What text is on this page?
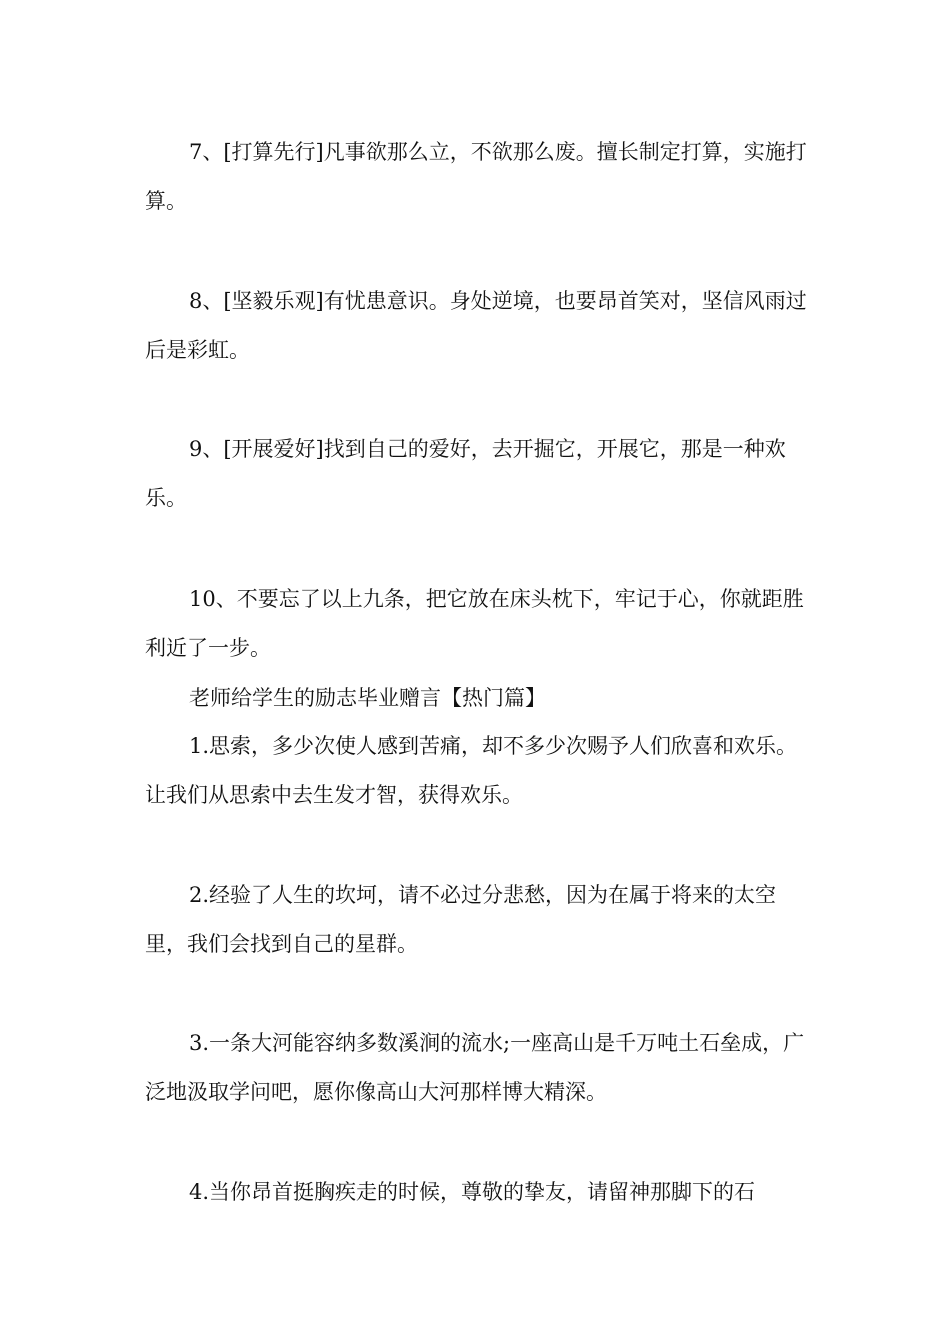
7、[打算先行]凡事欲那么立，不欲那么废。擅长制定打算，实施打算。

8、[坚毅乐观]有忧患意识。身处逆境，也要昂首笑对，坚信风雨过后是彩虹。

9、[开展爱好]找到自己的爱好，去开掘它，开展它，那是一种欢乐。

10、不要忘了以上九条，把它放在床头枕下，牢记于心，你就距胜利近了一步。

老师给学生的励志毕业赠言【热门篇】

1.思索，多少次使人感到苦痛，却不多少次赐予人们欣喜和欢乐。让我们从思索中去生发才智，获得欢乐。

2.经验了人生的坎坷，请不必过分悲愁，因为在属于将来的太空里，我们会找到自己的星群。

3.一条大河能容纳多数溪涧的流水;一座高山是千万吨土石垒成，广泛地汲取学问吧，愿你像高山大河那样博大精深。

4.当你昂首挺胸疾走的时候，尊敬的挚友，请留神那脚下的石
